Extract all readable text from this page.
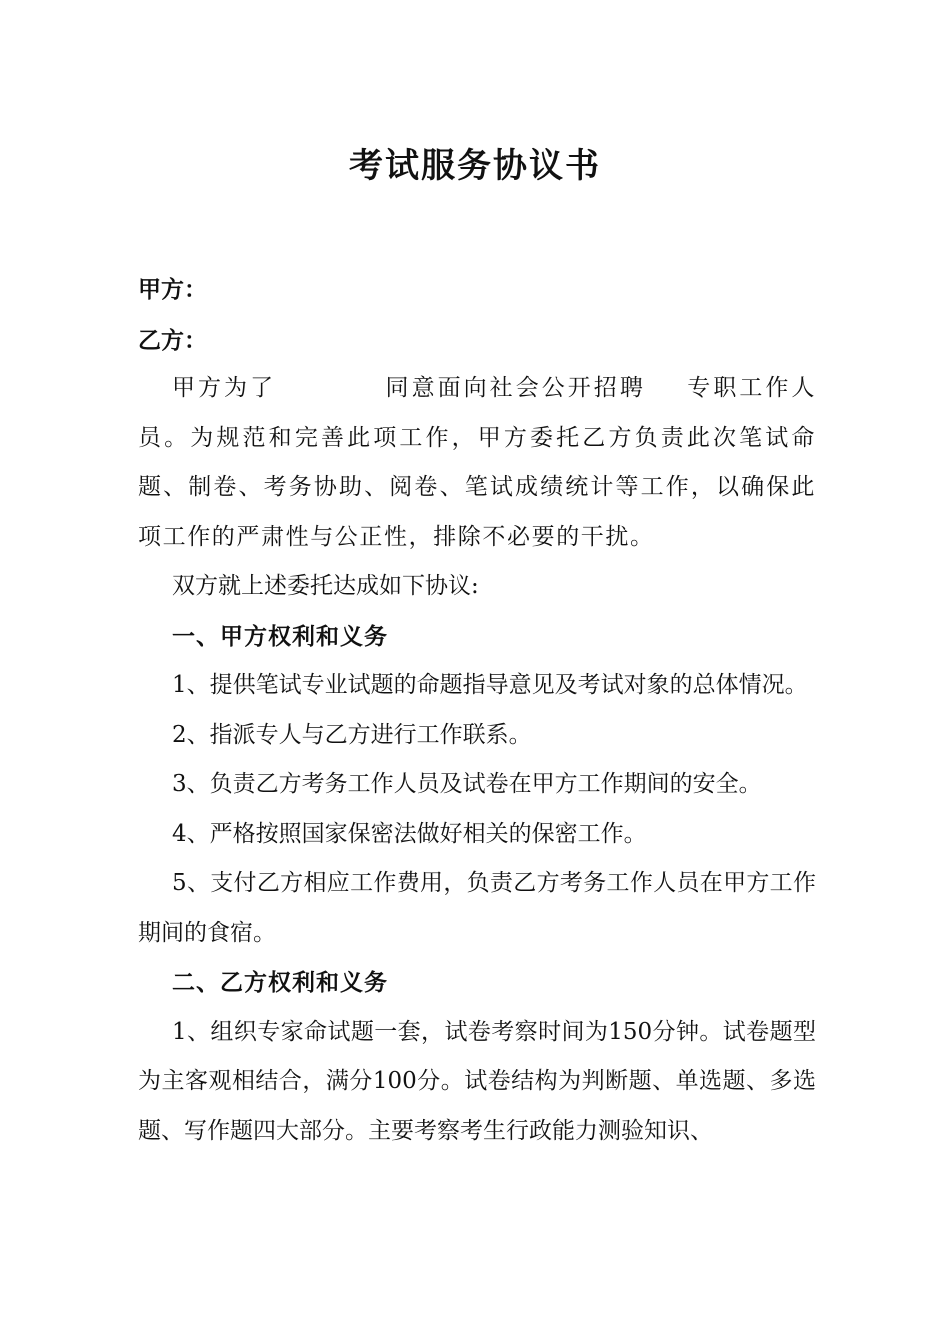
考试服务协议书
甲方：
乙方：

甲方为了	同意面向社会公开招聘 专职工作人员。为规范和完善此项工作，甲方委托乙方负责此次笔试命题、制卷、考务协助、阅卷、笔试成绩统计等工作，以确保此项工作的严肃性与公正性，排除不必要的干扰。

双方就上述委托达成如下协议:

一、甲方权利和义务

1、提供笔试专业试题的命题指导意见及考试对象的总体情况。

2、指派专人与乙方进行工作联系。

3、负责乙方考务工作人员及试卷在甲方工作期间的安全。

4、严格按照国家保密法做好相关的保密工作。

5、支付乙方相应工作费用，负责乙方考务工作人员在甲方工作期间的食宿。

二、乙方权利和义务

1、组织专家命试题一套，试卷考察时间为150分钟。试卷题型为主客观相结合，满分100分。试卷结构为判断题、单选题、多选题、写作题四大部分。主要考察考生行政能力测验知识、
